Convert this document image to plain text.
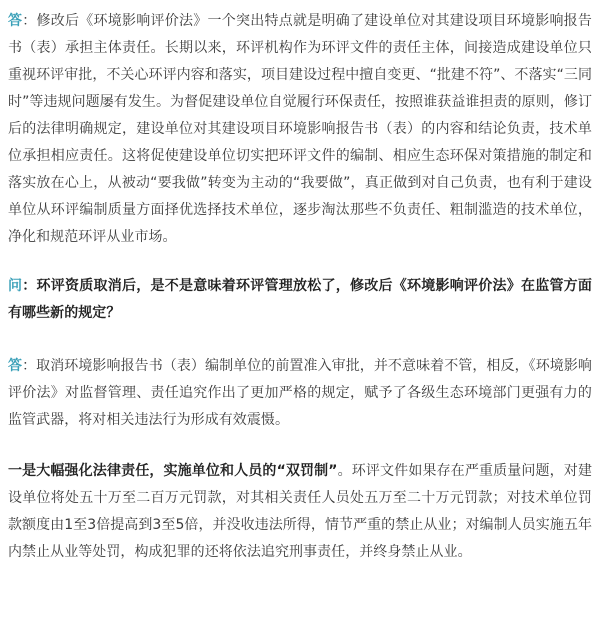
答：修改后《环境影响评价法》一个突出特点就是明确了建设单位对其建设项目环境影响报告书（表）承担主体责任。长期以来，环评机构作为环评文件的责任主体，间接造成建设单位只重视环评审批，不关心环评内容和落实，项目建设过程中擅自变更、“批建不符”、不落实“三同时”等违规问题屡有发生。为督促建设单位自觉履行环保责任，按照谁获益谁担责的原则，修订后的法律明确规定，建设单位对其建设项目环境影响报告书（表）的内容和结论负责，技术单位承担相应责任。这将促使建设单位切实把环评文件的编制、相应生态环保对策措施的制定和落实放在心上，从被动“要我做”转变为主动的“我要做”，真正做到对自己负责，也有利于建设单位从环评编制质量方面择优选择技术单位，逐步淘汰那些不负责任、粗制滥造的技术单位，净化和规范环评从业市场。

问：环评资质取消后，是不是意味着环评管理放松了，修改后《环境影响评价法》在监管方面有哪些新的规定？

答：取消环境影响报告书（表）编制单位的前置准入审批，并不意味着不管，相反，《环境影响评价法》对监督管理、责任追究作出了更加严格的规定，赋予了各级生态环境部门更强有力的监管武器，将对相关违法行为形成有效震慑。

一是大幅强化法律责任，实施单位和人员的“双罚制”。环评文件如果存在严重质量问题，对建设单位将处五十万至二百万元罚款，对其相关责任人员处五万至二十万元罚款；对技术单位罚款额度由1至3倍提高到3至5倍，并没收违法所得，情节严重的禁止从业；对编制人员实施五年内禁止从业等处罚，构成犯罪的还将依法追究刑事责任，并终身禁止从业。
